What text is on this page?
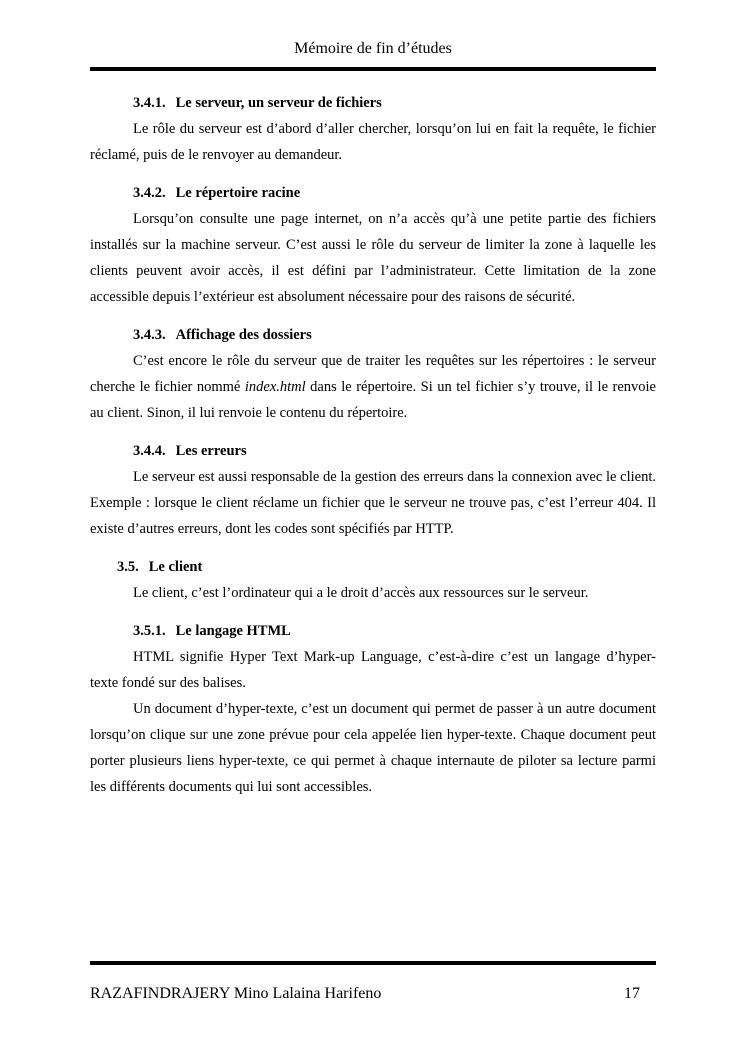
Mémoire de fin d’études
3.4.1. Le serveur, un serveur de fichiers

Le rôle du serveur est d’abord d’aller chercher, lorsqu’on lui en fait la requête, le fichier réclamé, puis de le renvoyer au demandeur.

3.4.2. Le répertoire racine

Lorsqu’on consulte une page internet, on n’a accès qu’à une petite partie des fichiers installés sur la machine serveur. C’est aussi le rôle du serveur de limiter la zone à laquelle les clients peuvent avoir accès, il est défini par l’administrateur. Cette limitation de la zone accessible depuis l’extérieur est absolument nécessaire pour des raisons de sécurité.

3.4.3. Affichage des dossiers

C’est encore le rôle du serveur que de traiter les requêtes sur les répertoires : le serveur cherche le fichier nommé index.html dans le répertoire. Si un tel fichier s’y trouve, il le renvoie au client. Sinon, il lui renvoie le contenu du répertoire.

3.4.4. Les erreurs

Le serveur est aussi responsable de la gestion des erreurs dans la connexion avec le client. Exemple : lorsque le client réclame un fichier que le serveur ne trouve pas, c’est l’erreur 404. Il existe d’autres erreurs, dont les codes sont spécifiés par HTTP.

3.5. Le client

Le client, c’est l’ordinateur qui a le droit d’accès aux ressources sur le serveur.

3.5.1. Le langage HTML

HTML signifie Hyper Text Mark-up Language, c’est-à-dire c’est un langage d’hyper-texte fondé sur des balises.

Un document d’hyper-texte, c’est un document qui permet de passer à un autre document lorsqu’on clique sur une zone prévue pour cela appelée lien hyper-texte. Chaque document peut porter plusieurs liens hyper-texte, ce qui permet à chaque internaute de piloter sa lecture parmi les différents documents qui lui sont accessibles.

RAZAFINDRAJERY Mino Lalaina Harifeno	17
